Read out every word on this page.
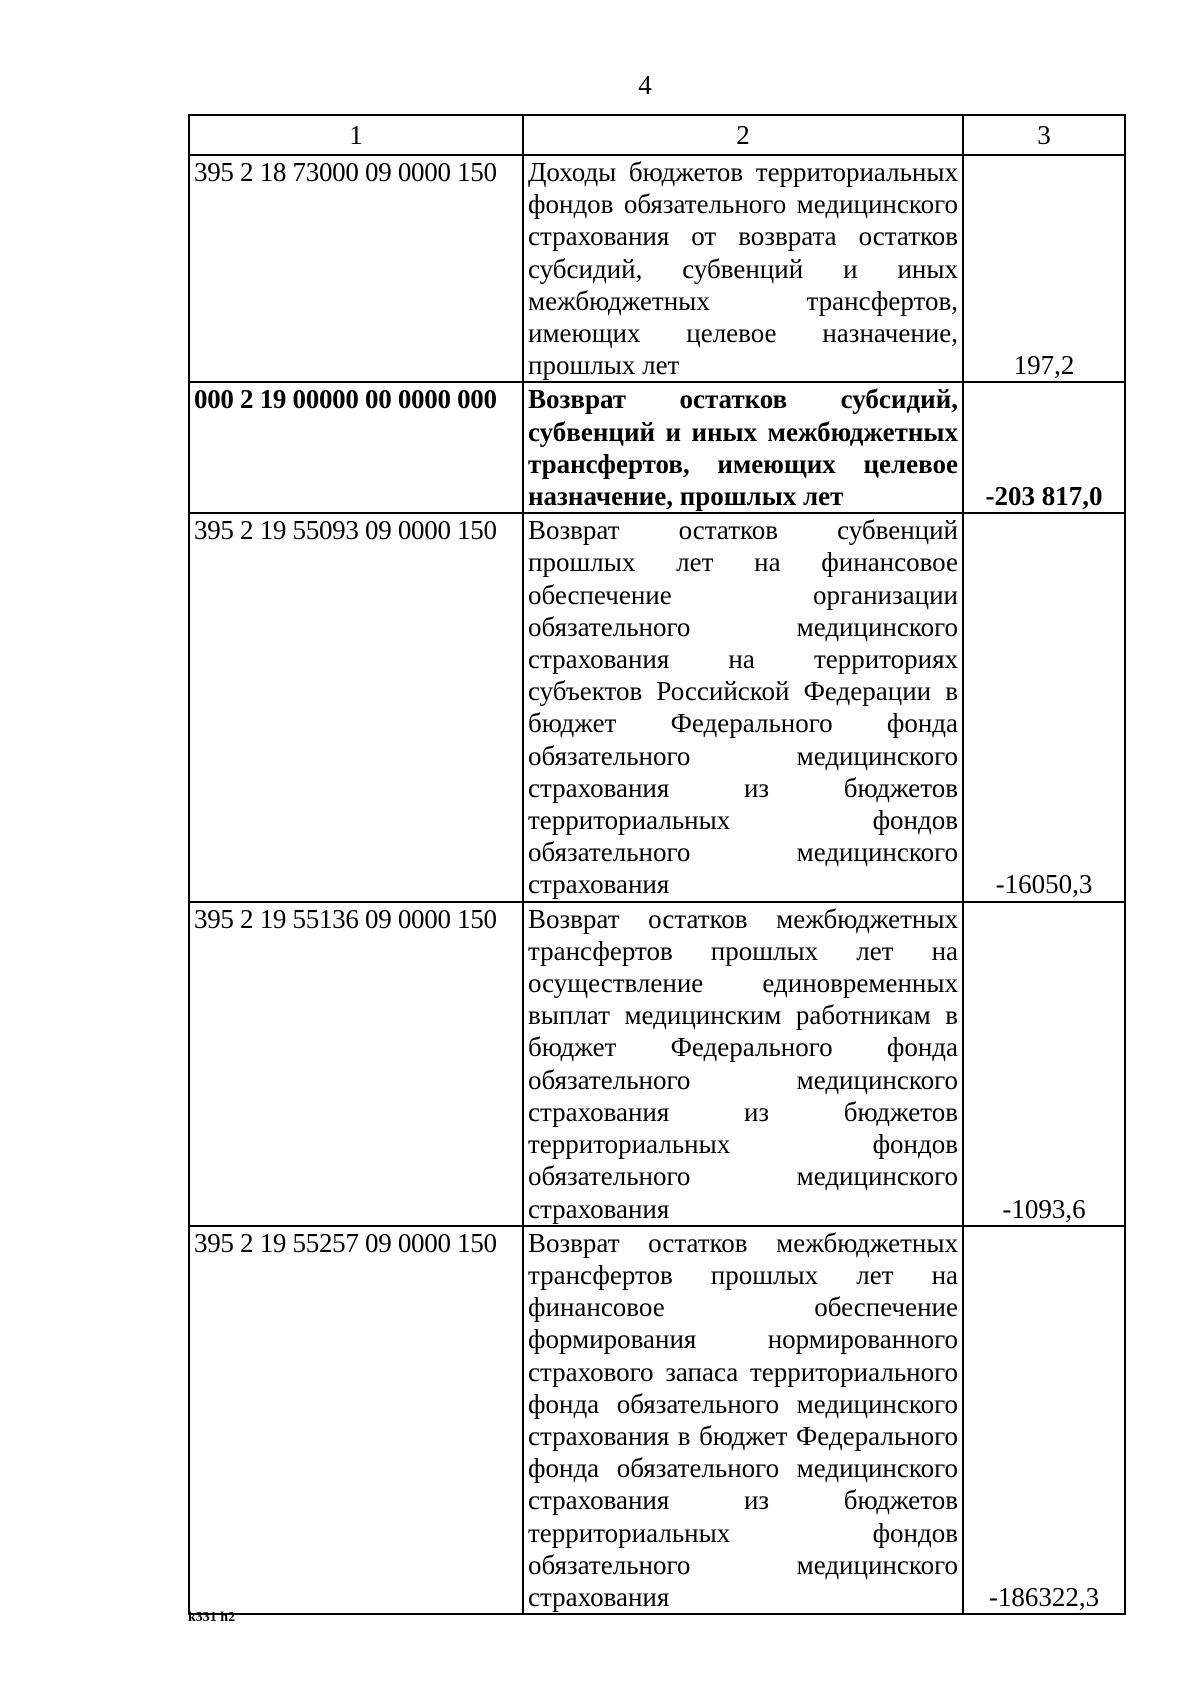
4
1	2	3
395 2 18 73000 09 0000 150	Доходы бюджетов территориальных фондов обязательного медицинского страхования от возврата остатков субсидий, субвенций и иных межбюджетных трансфертов, имеющих целевое назначение, прошлых лет	197,2
000 2 19 00000 00 0000 000	Возврат остатков субсидий, субвенций и иных межбюджетных трансфертов, имеющих целевое назначение, прошлых лет	-203 817,0
395 2 19 55093 09 0000 150	Возврат остатков субвенций прошлых лет на финансовое обеспечение организации обязательного медицинского страхования на территориях субъектов Российской Федерации в бюджет Федерального фонда обязательного медицинского страхования из бюджетов территориальных фондов обязательного медицинского страхования	-16050,3
395 2 19 55136 09 0000 150	Возврат остатков межбюджетных трансфертов прошлых лет на осуществление единовременных выплат медицинским работникам в бюджет Федерального фонда обязательного медицинского страхования из бюджетов территориальных фондов обязательного медицинского страхования	-1093,6
395 2 19 55257 09 0000 150	Возврат остатков межбюджетных трансфертов прошлых лет на финансовое обеспечение формирования нормированного страхового запаса территориального фонда обязательного медицинского страхования в бюджет Федерального фонда обязательного медицинского страхования из бюджетов территориальных фондов обязательного медицинского страхования	-186322,3
k331 h2
